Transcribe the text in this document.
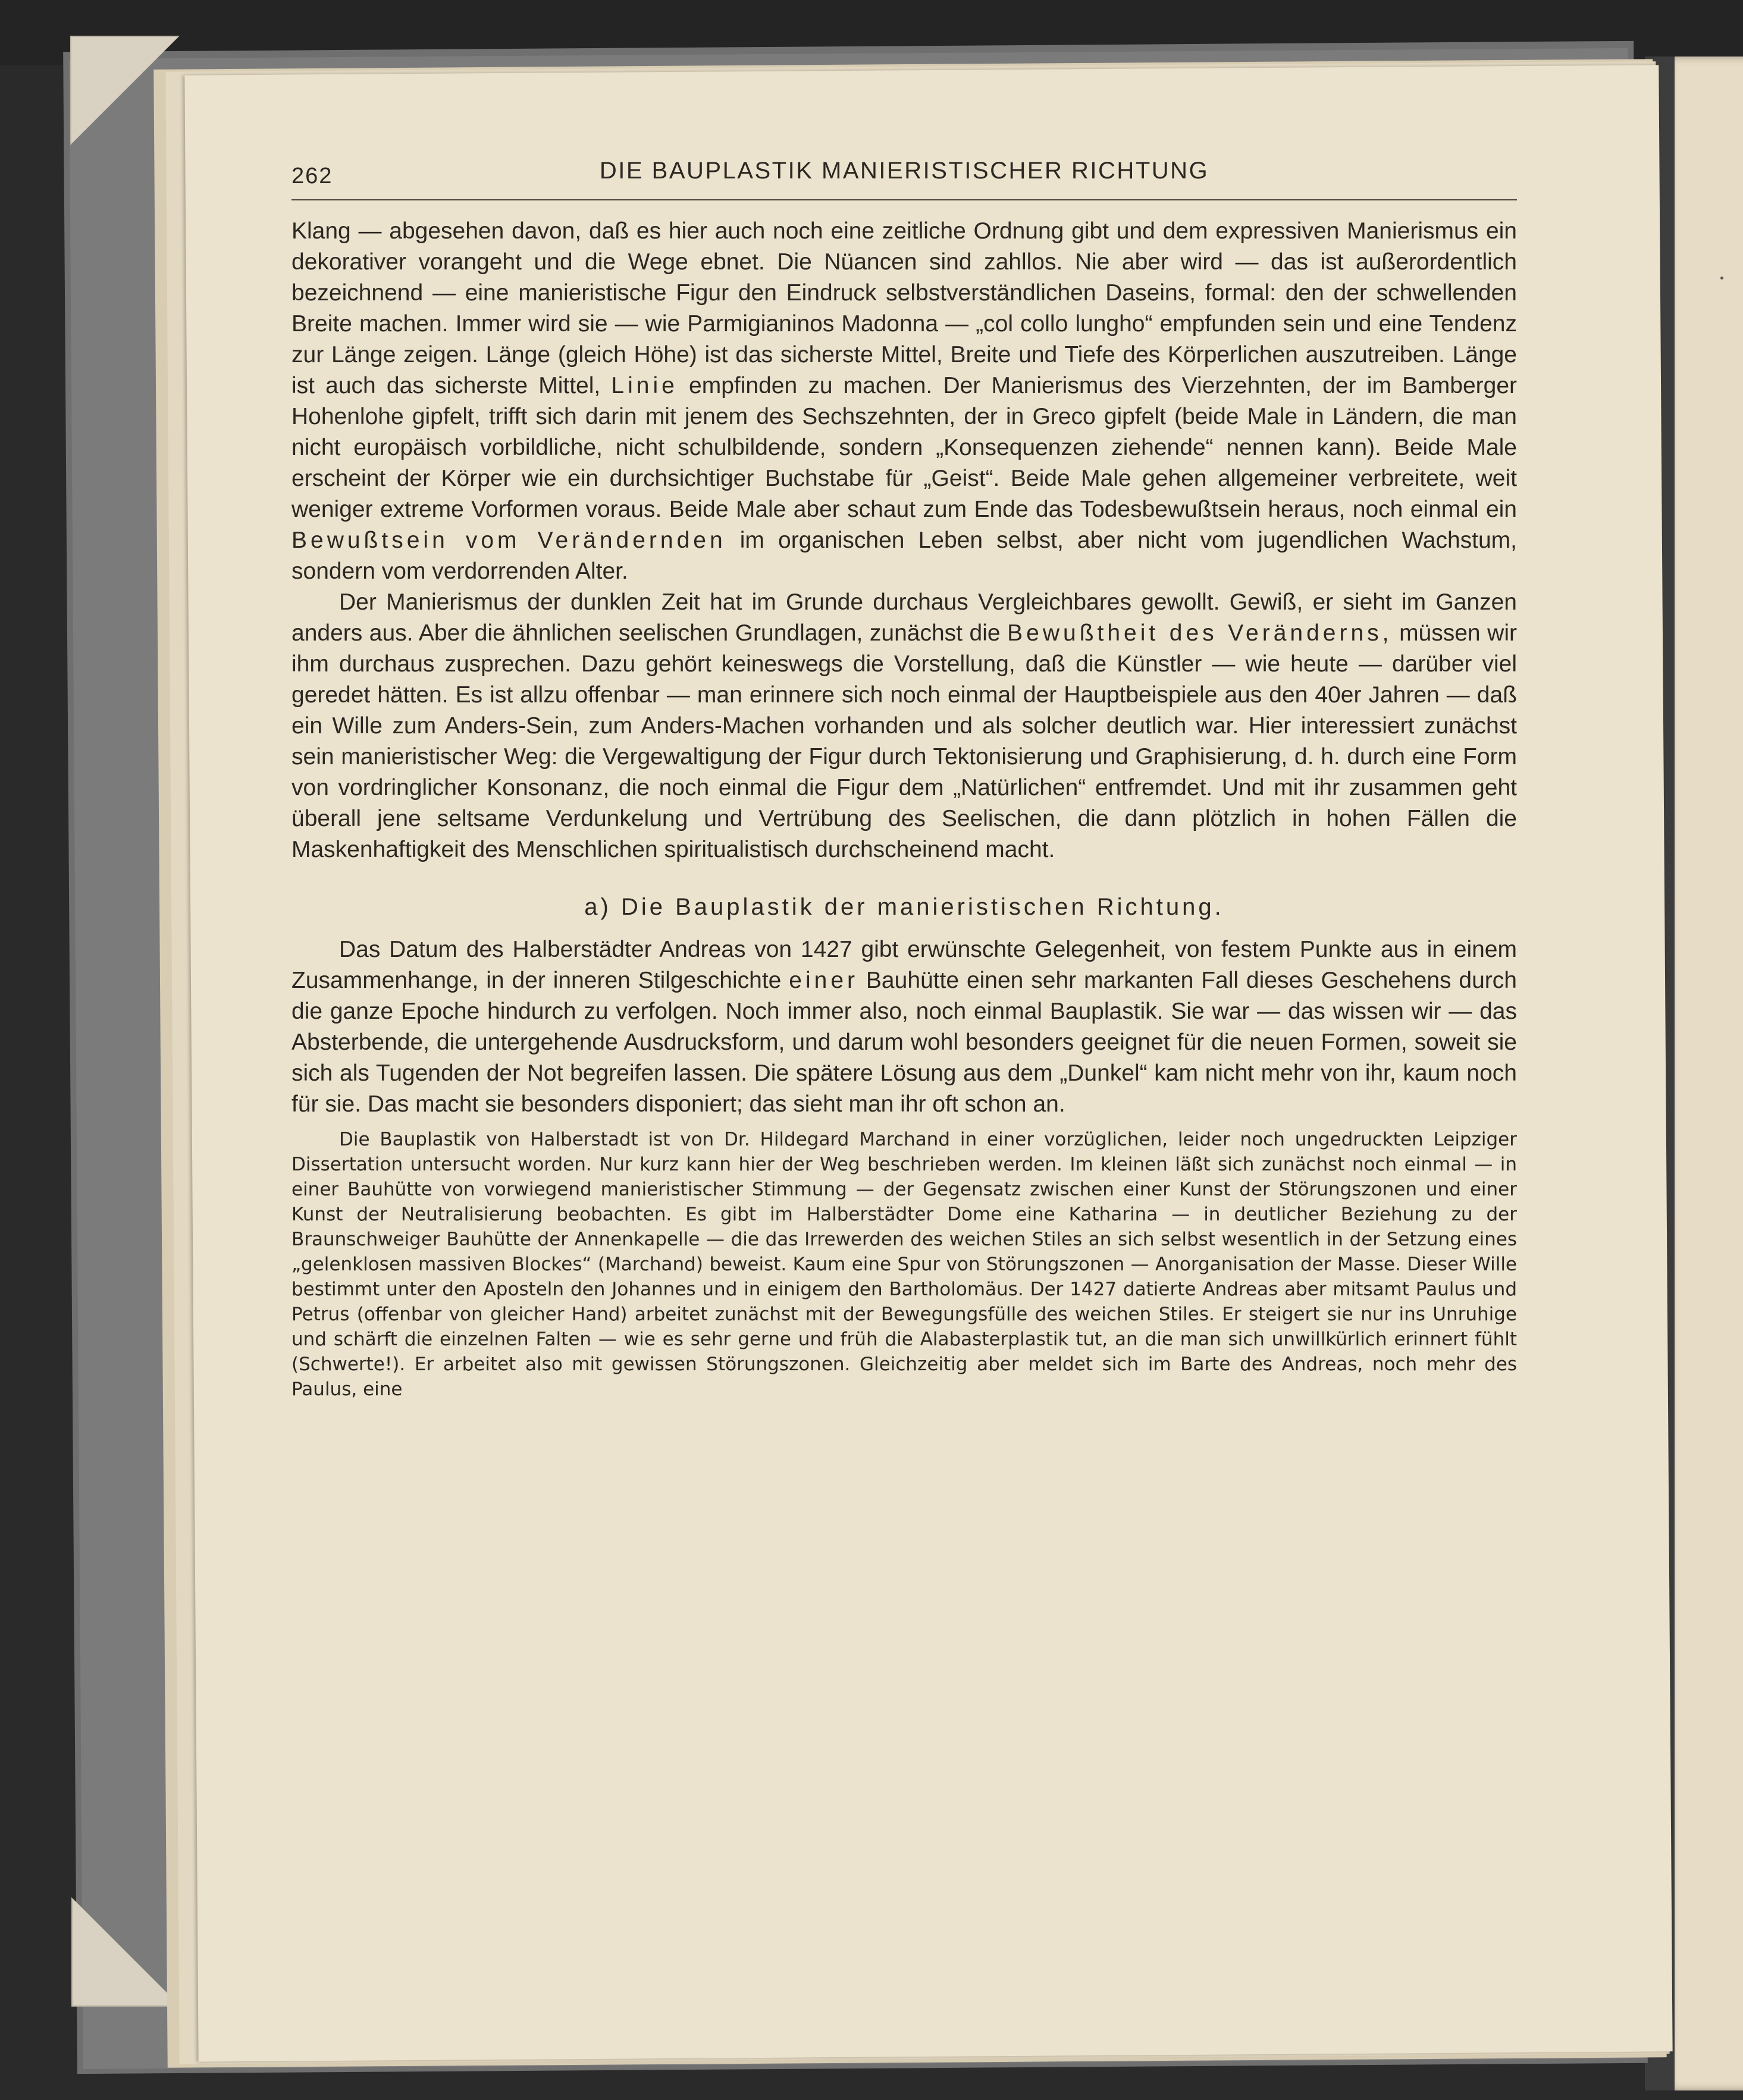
262	DIE BAUPLASTIK MANIERISTISCHER RICHTUNG

Klang — abgesehen davon, daß es hier auch noch eine zeitliche Ordnung gibt und dem expressiven Manierismus ein dekorativer vorangeht und die Wege ebnet. Die Nüancen sind zahllos. Nie aber wird — das ist außerordentlich bezeichnend — eine manieristische Figur den Eindruck selbstverständlichen Daseins, formal: den der schwellenden Breite machen. Immer wird sie — wie Parmigianinos Madonna — „col collo lungho“ empfunden sein und eine Tendenz zur Länge zeigen. Länge (gleich Höhe) ist das sicherste Mittel, Breite und Tiefe des Körperlichen auszutreiben. Länge ist auch das sicherste Mittel, Linie empfinden zu machen. Der Manierismus des Vierzehnten, der im Bamberger Hohenlohe gipfelt, trifft sich darin mit jenem des Sechszehnten, der in Greco gipfelt (beide Male in Ländern, die man nicht europäisch vorbildliche, nicht schulbildende, sondern „Konsequenzen ziehende“ nennen kann). Beide Male erscheint der Körper wie ein durchsichtiger Buchstabe für „Geist“. Beide Male gehen allgemeiner verbreitete, weit weniger extreme Vorformen voraus. Beide Male aber schaut zum Ende das Todesbewußtsein heraus, noch einmal ein Bewußtsein vom Verändernden im organischen Leben selbst, aber nicht vom jugendlichen Wachstum, sondern vom verdorrenden Alter.

Der Manierismus der dunklen Zeit hat im Grunde durchaus Vergleichbares gewollt. Gewiß, er sieht im Ganzen anders aus. Aber die ähnlichen seelischen Grundlagen, zunächst die Bewußtheit des Veränderns, müssen wir ihm durchaus zusprechen. Dazu gehört keineswegs die Vorstellung, daß die Künstler — wie heute — darüber viel geredet hätten. Es ist allzu offenbar — man erinnere sich noch einmal der Hauptbeispiele aus den 40er Jahren — daß ein Wille zum Anders-Sein, zum Anders-Machen vorhanden und als solcher deutlich war. Hier interessiert zunächst sein manieristischer Weg: die Vergewaltigung der Figur durch Tektonisierung und Graphisierung, d. h. durch eine Form von vordringlicher Konsonanz, die noch einmal die Figur dem „Natürlichen“ entfremdet. Und mit ihr zusammen geht überall jene seltsame Verdunkelung und Vertrübung des Seelischen, die dann plötzlich in hohen Fällen die Maskenhaftigkeit des Menschlichen spiritualistisch durchscheinend macht.

a) Die Bauplastik der manieristischen Richtung.

Das Datum des Halberstädter Andreas von 1427 gibt erwünschte Gelegenheit, von festem Punkte aus in einem Zusammenhange, in der inneren Stilgeschichte einer Bauhütte einen sehr markanten Fall dieses Geschehens durch die ganze Epoche hindurch zu verfolgen. Noch immer also, noch einmal Bauplastik. Sie war — das wissen wir — das Absterbende, die untergehende Ausdrucksform, und darum wohl besonders geeignet für die neuen Formen, soweit sie sich als Tugenden der Not begreifen lassen. Die spätere Lösung aus dem „Dunkel“ kam nicht mehr von ihr, kaum noch für sie. Das macht sie besonders disponiert; das sieht man ihr oft schon an.

Die Bauplastik von Halberstadt ist von Dr. Hildegard Marchand in einer vorzüglichen, leider noch ungedruckten Leipziger Dissertation untersucht worden. Nur kurz kann hier der Weg beschrieben werden. Im kleinen läßt sich zunächst noch einmal — in einer Bauhütte von vorwiegend manieristischer Stimmung — der Gegensatz zwischen einer Kunst der Störungszonen und einer Kunst der Neutralisierung beobachten. Es gibt im Halberstädter Dome eine Katharina — in deutlicher Beziehung zu der Braunschweiger Bauhütte der Annenkapelle — die das Irrewerden des weichen Stiles an sich selbst wesentlich in der Setzung eines „gelenklosen massiven Blockes“ (Marchand) beweist. Kaum eine Spur von Störungszonen — Anorganisation der Masse. Dieser Wille bestimmt unter den Aposteln den Johannes und in einigem den Bartholomäus. Der 1427 datierte Andreas aber mitsamt Paulus und Petrus (offenbar von gleicher Hand) arbeitet zunächst mit der Bewegungsfülle des weichen Stiles. Er steigert sie nur ins Unruhige und schärft die einzelnen Falten — wie es sehr gerne und früh die Alabasterplastik tut, an die man sich unwillkürlich erinnert fühlt (Schwerte!). Er arbeitet also mit gewissen Störungszonen. Gleichzeitig aber meldet sich im Barte des Andreas, noch mehr des Paulus, eine
